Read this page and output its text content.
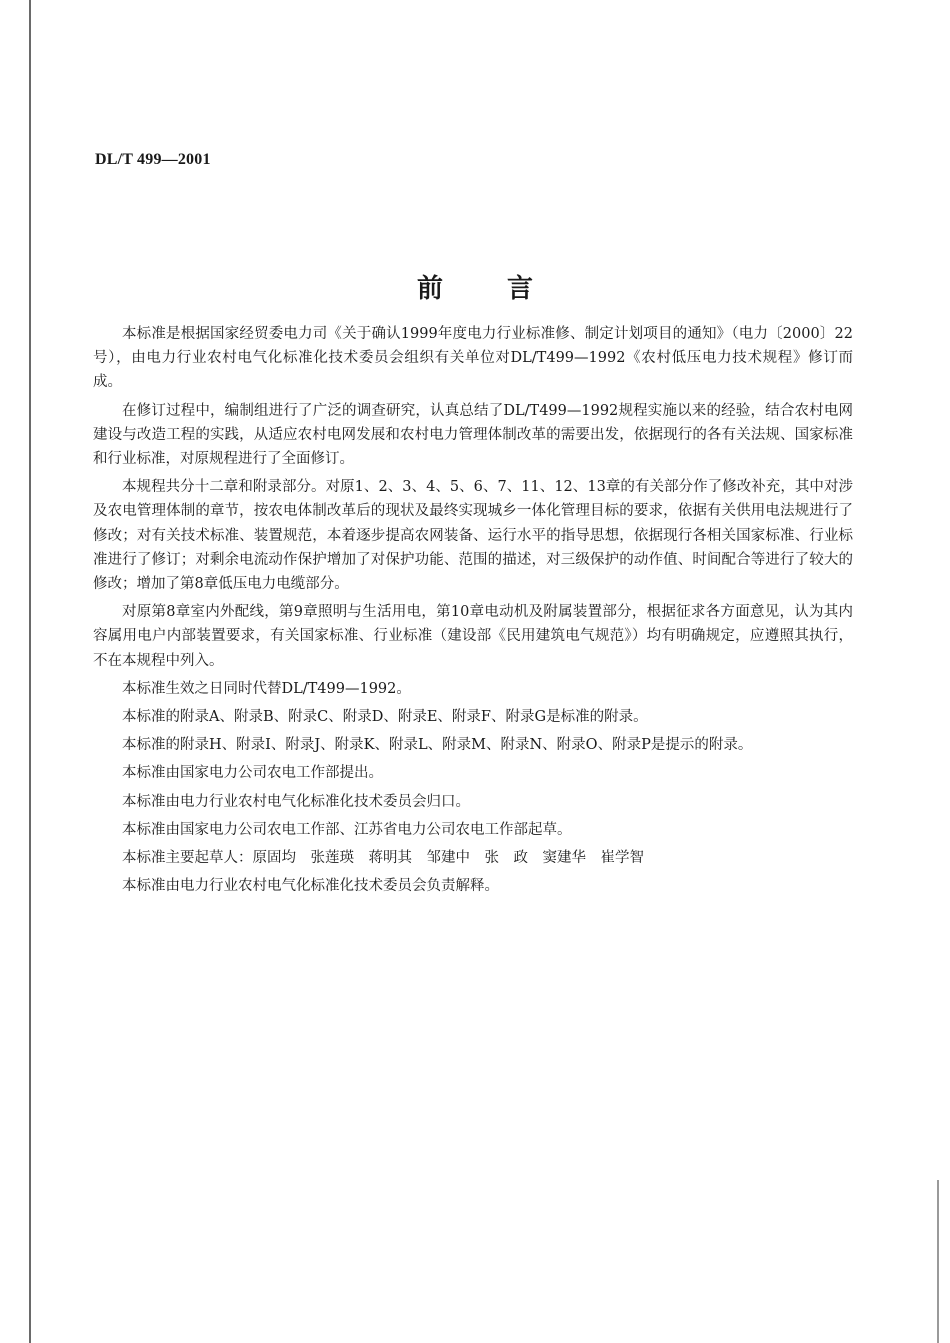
DL/T 499—2001
前言

本标准是根据国家经贸委电力司《关于确认1999年度电力行业标准修、制定计划项目的通知》（电力〔2000〕22号），由电力行业农村电气化标准化技术委员会组织有关单位对DL/T499—1992《农村低压电力技术规程》修订而成。

在修订过程中，编制组进行了广泛的调查研究，认真总结了DL/T499—1992规程实施以来的经验，结合农村电网建设与改造工程的实践，从适应农村电网发展和农村电力管理体制改革的需要出发，依据现行的各有关法规、国家标准和行业标准，对原规程进行了全面修订。

本规程共分十二章和附录部分。对原1、2、3、4、5、6、7、11、12、13章的有关部分作了修改补充，其中对涉及农电管理体制的章节，按农电体制改革后的现状及最终实现城乡一体化管理目标的要求，依据有关供用电法规进行了修改；对有关技术标准、装置规范，本着逐步提高农网装备、运行水平的指导思想，依据现行各相关国家标准、行业标准进行了修订；对剩余电流动作保护增加了对保护功能、范围的描述，对三级保护的动作值、时间配合等进行了较大的修改；增加了第8章低压电力电缆部分。

对原第8章室内外配线，第9章照明与生活用电，第10章电动机及附属装置部分，根据征求各方面意见，认为其内容属用电户内部装置要求，有关国家标准、行业标准（建设部《民用建筑电气规范》）均有明确规定，应遵照其执行，不在本规程中列入。

本标准生效之日同时代替DL/T499—1992。

本标准的附录A、附录B、附录C、附录D、附录E、附录F、附录G是标准的附录。

本标准的附录H、附录I、附录J、附录K、附录L、附录M、附录N、附录O、附录P是提示的附录。

本标准由国家电力公司农电工作部提出。

本标准由电力行业农村电气化标准化技术委员会归口。

本标准由国家电力公司农电工作部、江苏省电力公司农电工作部起草。

本标准主要起草人：原固均　张莲瑛　蒋明其　邹建中　张　政　窦建华　崔学智

本标准由电力行业农村电气化标准化技术委员会负责解释。
